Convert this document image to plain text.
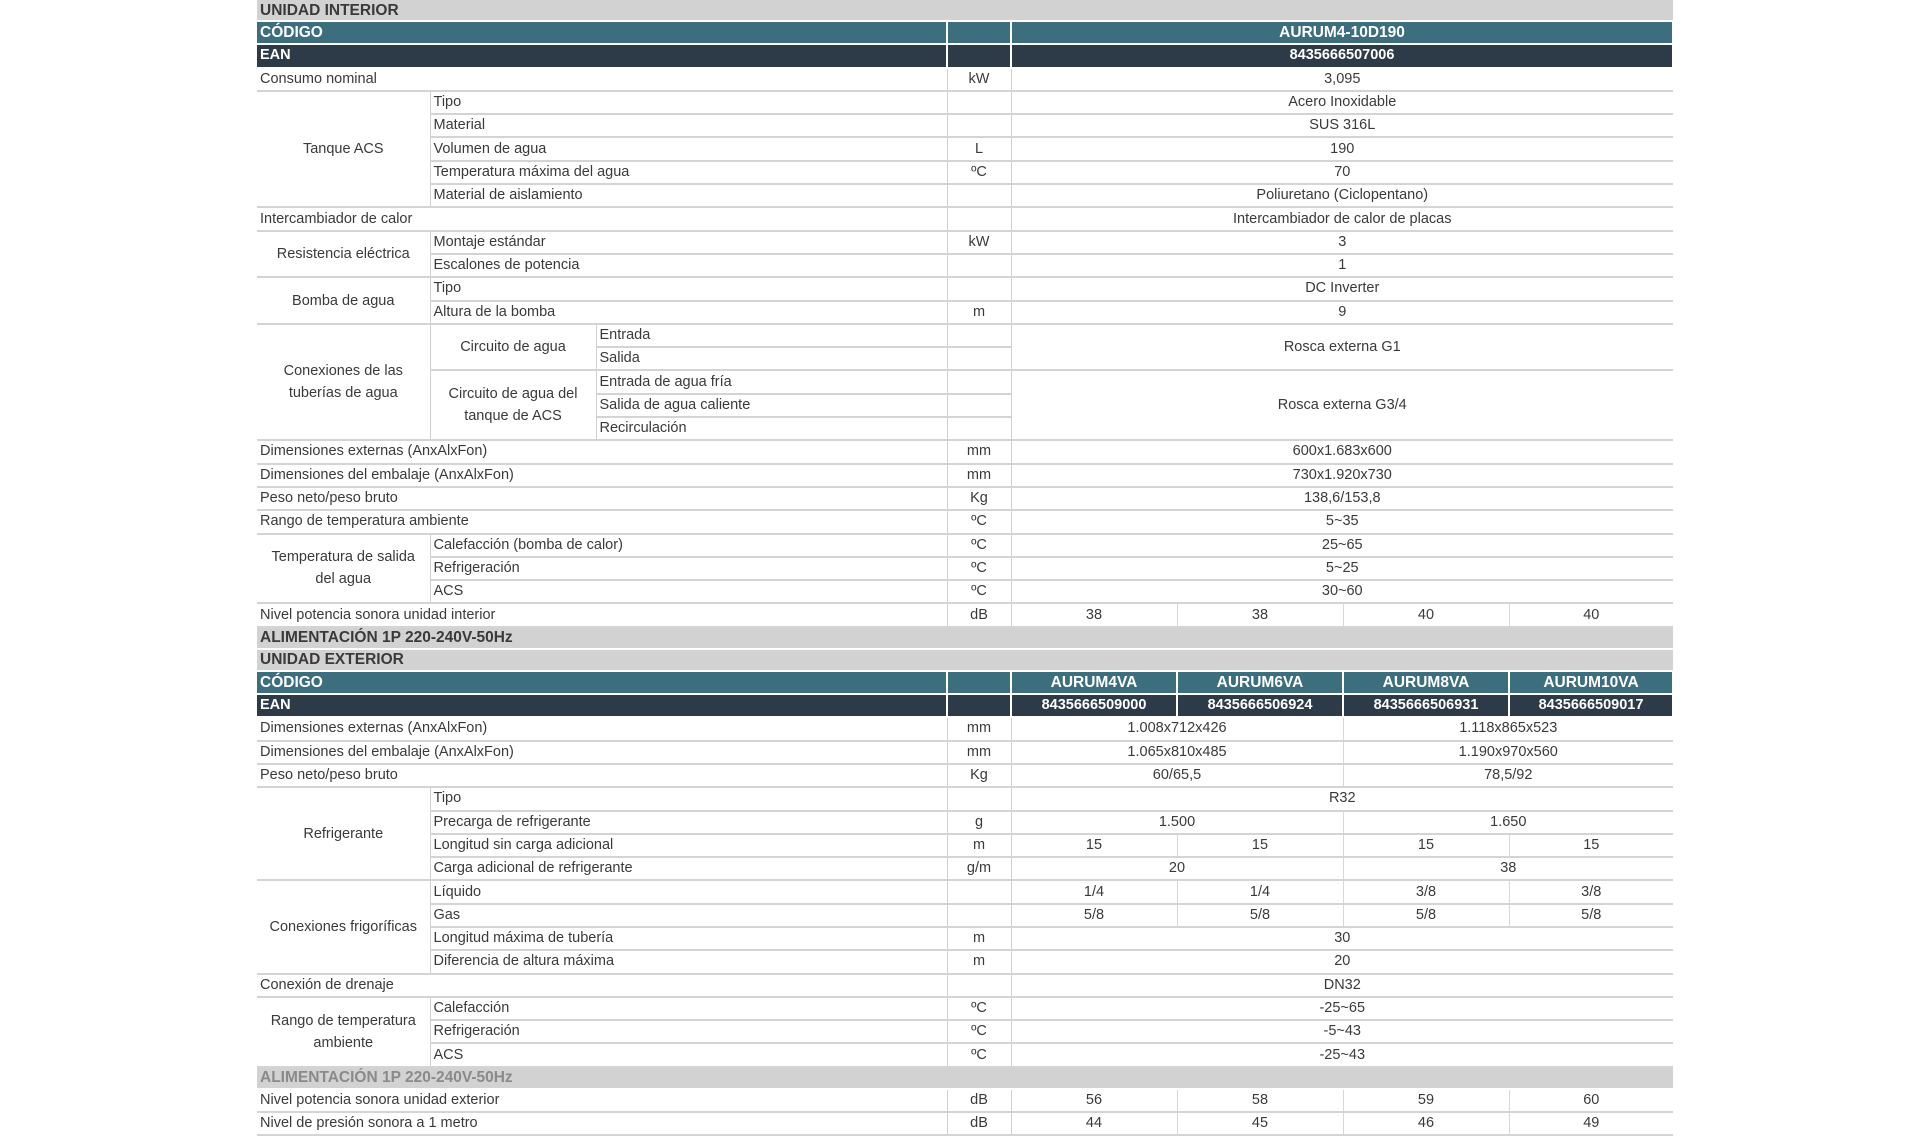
UNIDAD INTERIOR							
CÓDIGO				AURUM4-10D190			
EAN				8435666507006			
Consumo nominal			kW	3,095			
Tanque ACS	Tipo			Acero Inoxidable			
	Material			SUS 316L			
	Volumen de agua		L	190			
	Temperatura máxima del agua		ºC	70			
	Material de aislamiento			Poliuretano (Ciclopentano)			
Intercambiador de calor				Intercambiador de calor de placas			
Resistencia eléctrica	Montaje estándar		kW	3			
	Escalones de potencia			1			
Bomba de agua	Tipo			DC Inverter			
	Altura de la bomba		m	9			
Conexiones de las tuberías de agua	Circuito de agua	Entrada		Rosca externa G1			
		Salida					
	Circuito de agua del tanque de ACS	Entrada de agua fría		Rosca externa G3/4			
		Salida de agua caliente					
		Recirculación					
Dimensiones externas (AnxAlxFon)			mm	600x1.683x600			
Dimensiones del embalaje (AnxAlxFon)			mm	730x1.920x730			
Peso neto/peso bruto			Kg	138,6/153,8			
Rango de temperatura ambiente			ºC	5~35			
Temperatura de salida del agua	Calefacción (bomba de calor)		ºC	25~65			
	Refrigeración		ºC	5~25			
	ACS		ºC	30~60			
Nivel potencia sonora unidad interior			dB	38	38	40	40
ALIMENTACIÓN 1P 220-240V-50Hz							
UNIDAD EXTERIOR							
CÓDIGO				AURUM4VA	AURUM6VA	AURUM8VA	AURUM10VA
EAN				8435666509000	8435666506924	8435666506931	8435666509017
Dimensiones externas (AnxAlxFon)			mm	1.008x712x426		1.118x865x523	
Dimensiones del embalaje (AnxAlxFon)			mm	1.065x810x485		1.190x970x560	
Peso neto/peso bruto			Kg	60/65,5		78,5/92	
Refrigerante	Tipo			R32			
	Precarga de refrigerante		g	1.500		1.650	
	Longitud sin carga adicional		m	15	15	15	15
	Carga adicional de refrigerante		g/m	20		38	
Conexiones frigoríficas	Líquido			1/4	1/4	3/8	3/8
	Gas			5/8	5/8	5/8	5/8
	Longitud máxima de tubería		m	30			
	Diferencia de altura máxima		m	20			
Conexión de drenaje				DN32			
Rango de temperatura ambiente	Calefacción		ºC	-25~65			
	Refrigeración		ºC	-5~43			
	ACS		ºC	-25~43			
ALIMENTACIÓN 1P 220-240V-50Hz							
Nivel potencia sonora unidad exterior			dB	56	58	59	60
Nivel de presión sonora a 1 metro			dB	44	45	46	49
